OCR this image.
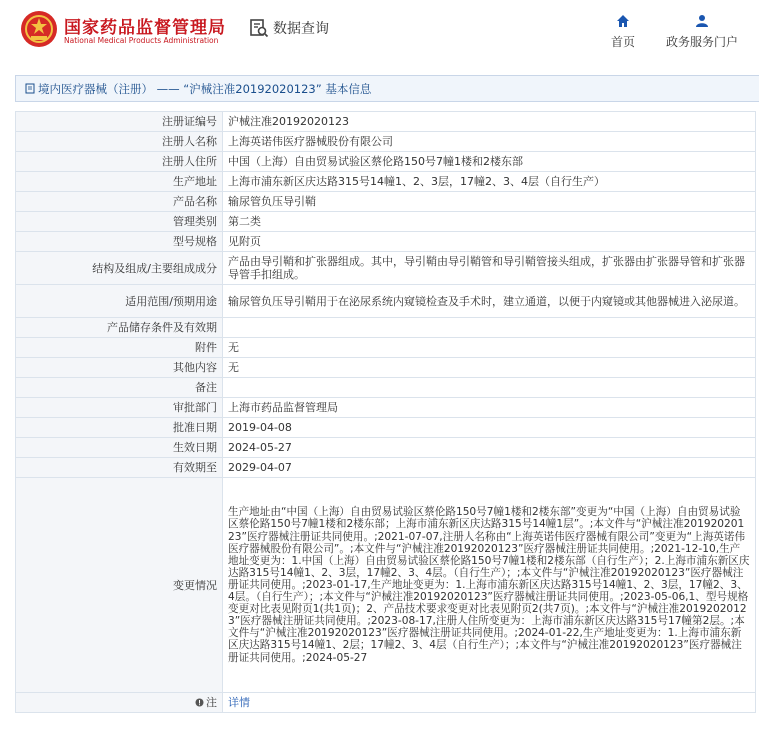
国家药品监督管理局
National Medical Products Administration
数据查询
首页	政务服务门户
境内医疗器械（注册） —— “沪械注准20192020123” 基本信息
注册证编号	沪械注准20192020123
注册人名称	上海英诺伟医疗器械股份有限公司
注册人住所	中国（上海）自由贸易试验区蔡伦路150号7幢1楼和2楼东部
生产地址	上海市浦东新区庆达路315号14幢1、2、3层，17幢2、3、4层（自行生产）
产品名称	输尿管负压导引鞘
管理类别	第二类
型号规格	见附页
结构及组成/主要组成成分	产品由导引鞘和扩张器组成。其中，导引鞘由导引鞘管和导引鞘管接头组成，扩张器由扩张器导管和扩张器导管手扣组成。
适用范围/预期用途	输尿管负压导引鞘用于在泌尿系统内窥镜检查及手术时，建立通道，以便于内窥镜或其他器械进入泌尿道。
产品储存条件及有效期	
附件	无
其他内容	无
备注	
审批部门	上海市药品监督管理局
批准日期	2019-04-08
生效日期	2024-05-27
有效期至	2029-04-07
变更情况	生产地址由“中国（上海）自由贸易试验区蔡伦路150号7幢1楼和2楼东部”变更为“中国（上海）自由贸易试验区蔡伦路150号7幢1楼和2楼东部；上海市浦东新区庆达路315号14幢1层”。;本文件与“沪械注准20192020123”医疗器械注册证共同使用。;2021-07-07,注册人名称由“上海英诺伟医疗器械有限公司”变更为“上海英诺伟医疗器械股份有限公司”。;本文件与“沪械注准20192020123”医疗器械注册证共同使用。;2021-12-10,生产地址变更为：1.中国（上海）自由贸易试验区蔡伦路150号7幢1楼和2楼东部（自行生产）；2.上海市浦东新区庆达路315号14幢1、2、3层，17幢2、3、4层。（自行生产）；;本文件与“沪械注准20192020123”医疗器械注册证共同使用。;2023-01-17,生产地址变更为：1.上海市浦东新区庆达路315号14幢1、2、3层，17幢2、3、4层。（自行生产）；;本文件与“沪械注准20192020123”医疗器械注册证共同使用。;2023-05-06,1、型号规格变更对比表见附页1(共1页)；2、产品技术要求变更对比表见附页2(共7页)。;本文件与“沪械注准20192020123”医疗器械注册证共同使用。;2023-08-17,注册人住所变更为：上海市浦东新区庆达路315号17幢第2层。;本文件与“沪械注准20192020123”医疗器械注册证共同使用。;2024-01-22,生产地址变更为：1.上海市浦东新区庆达路315号14幢1、2层；17幢2、3、4层（自行生产）；;本文件与“沪械注准20192020123”医疗器械注册证共同使用。;2024-05-27
注	详情
